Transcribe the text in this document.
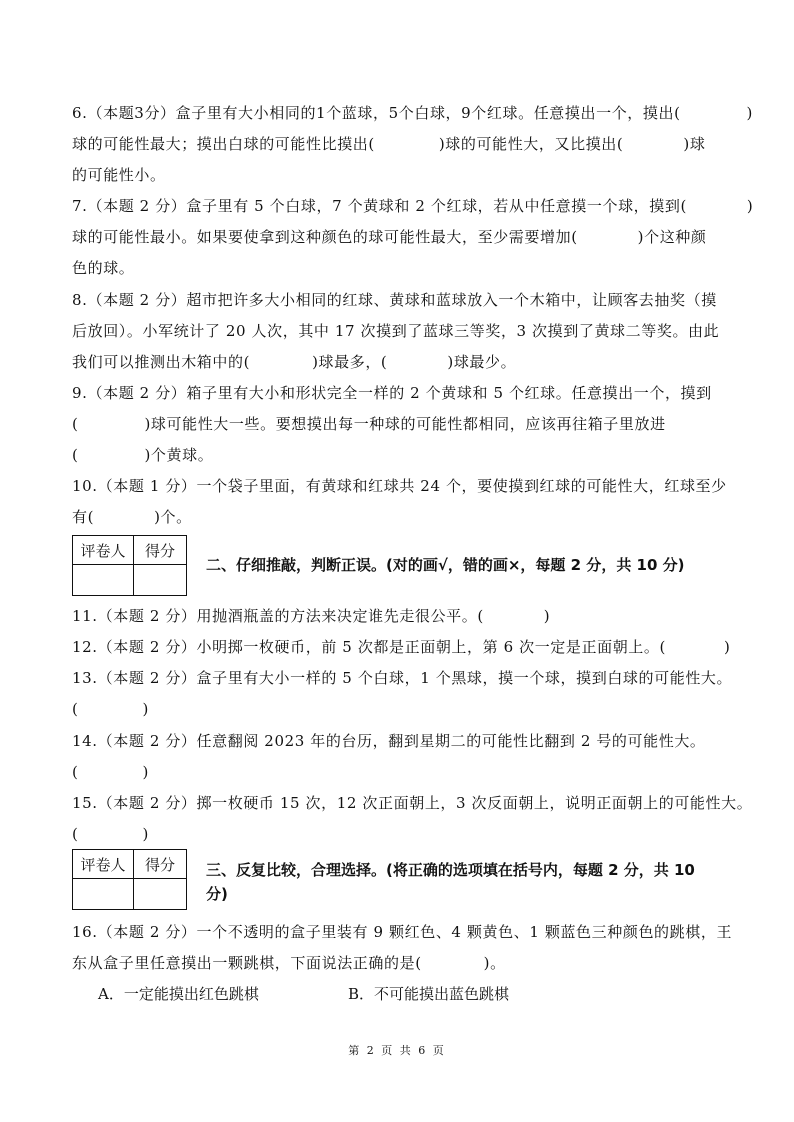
6.（本题3分）盒子里有大小相同的1个蓝球，5个白球，9个红球。任意摸出一个，摸出(	)
球的可能性最大；摸出白球的可能性比摸出(	)球的可能性大，又比摸出(	)球
的可能性小。
7.（本题 2 分）盒子里有 5 个白球，7 个黄球和 2 个红球，若从中任意摸一个球，摸到(	)
球的可能性最小。如果要使拿到这种颜色的球可能性最大，至少需要增加(	)个这种颜
色的球。
8.（本题 2 分）超市把许多大小相同的红球、黄球和蓝球放入一个木箱中，让顾客去抽奖（摸
后放回）。小军统计了 20 人次，其中 17 次摸到了蓝球三等奖，3 次摸到了黄球二等奖。由此
我们可以推测出木箱中的(	)球最多，(	)球最少。
9.（本题 2 分）箱子里有大小和形状完全一样的 2 个黄球和 5 个红球。任意摸出一个，摸到
(	)球可能性大一些。要想摸出每一种球的可能性都相同，应该再往箱子里放进
(	)个黄球。
10.（本题 1 分）一个袋子里面，有黄球和红球共 24 个，要使摸到红球的可能性大，红球至少
有(	)个。
评卷人	得分

二、仔细推敲，判断正误。(对的画√，错的画×，每题 2 分，共 10 分)
11.（本题 2 分）用抛酒瓶盖的方法来决定谁先走很公平。(	)
12.（本题 2 分）小明掷一枚硬币，前 5 次都是正面朝上，第 6 次一定是正面朝上。(	)
13.（本题 2 分）盒子里有大小一样的 5 个白球，1 个黑球，摸一个球，摸到白球的可能性大。
(	)
14.（本题 2 分）任意翻阅 2023 年的台历，翻到星期二的可能性比翻到 2 号的可能性大。
(	)
15.（本题 2 分）掷一枚硬币 15 次，12 次正面朝上，3 次反面朝上，说明正面朝上的可能性大。
(	)
评卷人	得分
	三、反复比较，合理选择。(将正确的选项填在括号内，每题 2 分，共 10
分)
16.（本题 2 分）一个不透明的盒子里装有 9 颗红色、4 颗黄色、1 颗蓝色三种颜色的跳棋，王
东从盒子里任意摸出一颗跳棋，下面说法正确的是(	)。
A．一定能摸出红色跳棋	B．不可能摸出蓝色跳棋
第 2 页 共 6 页
